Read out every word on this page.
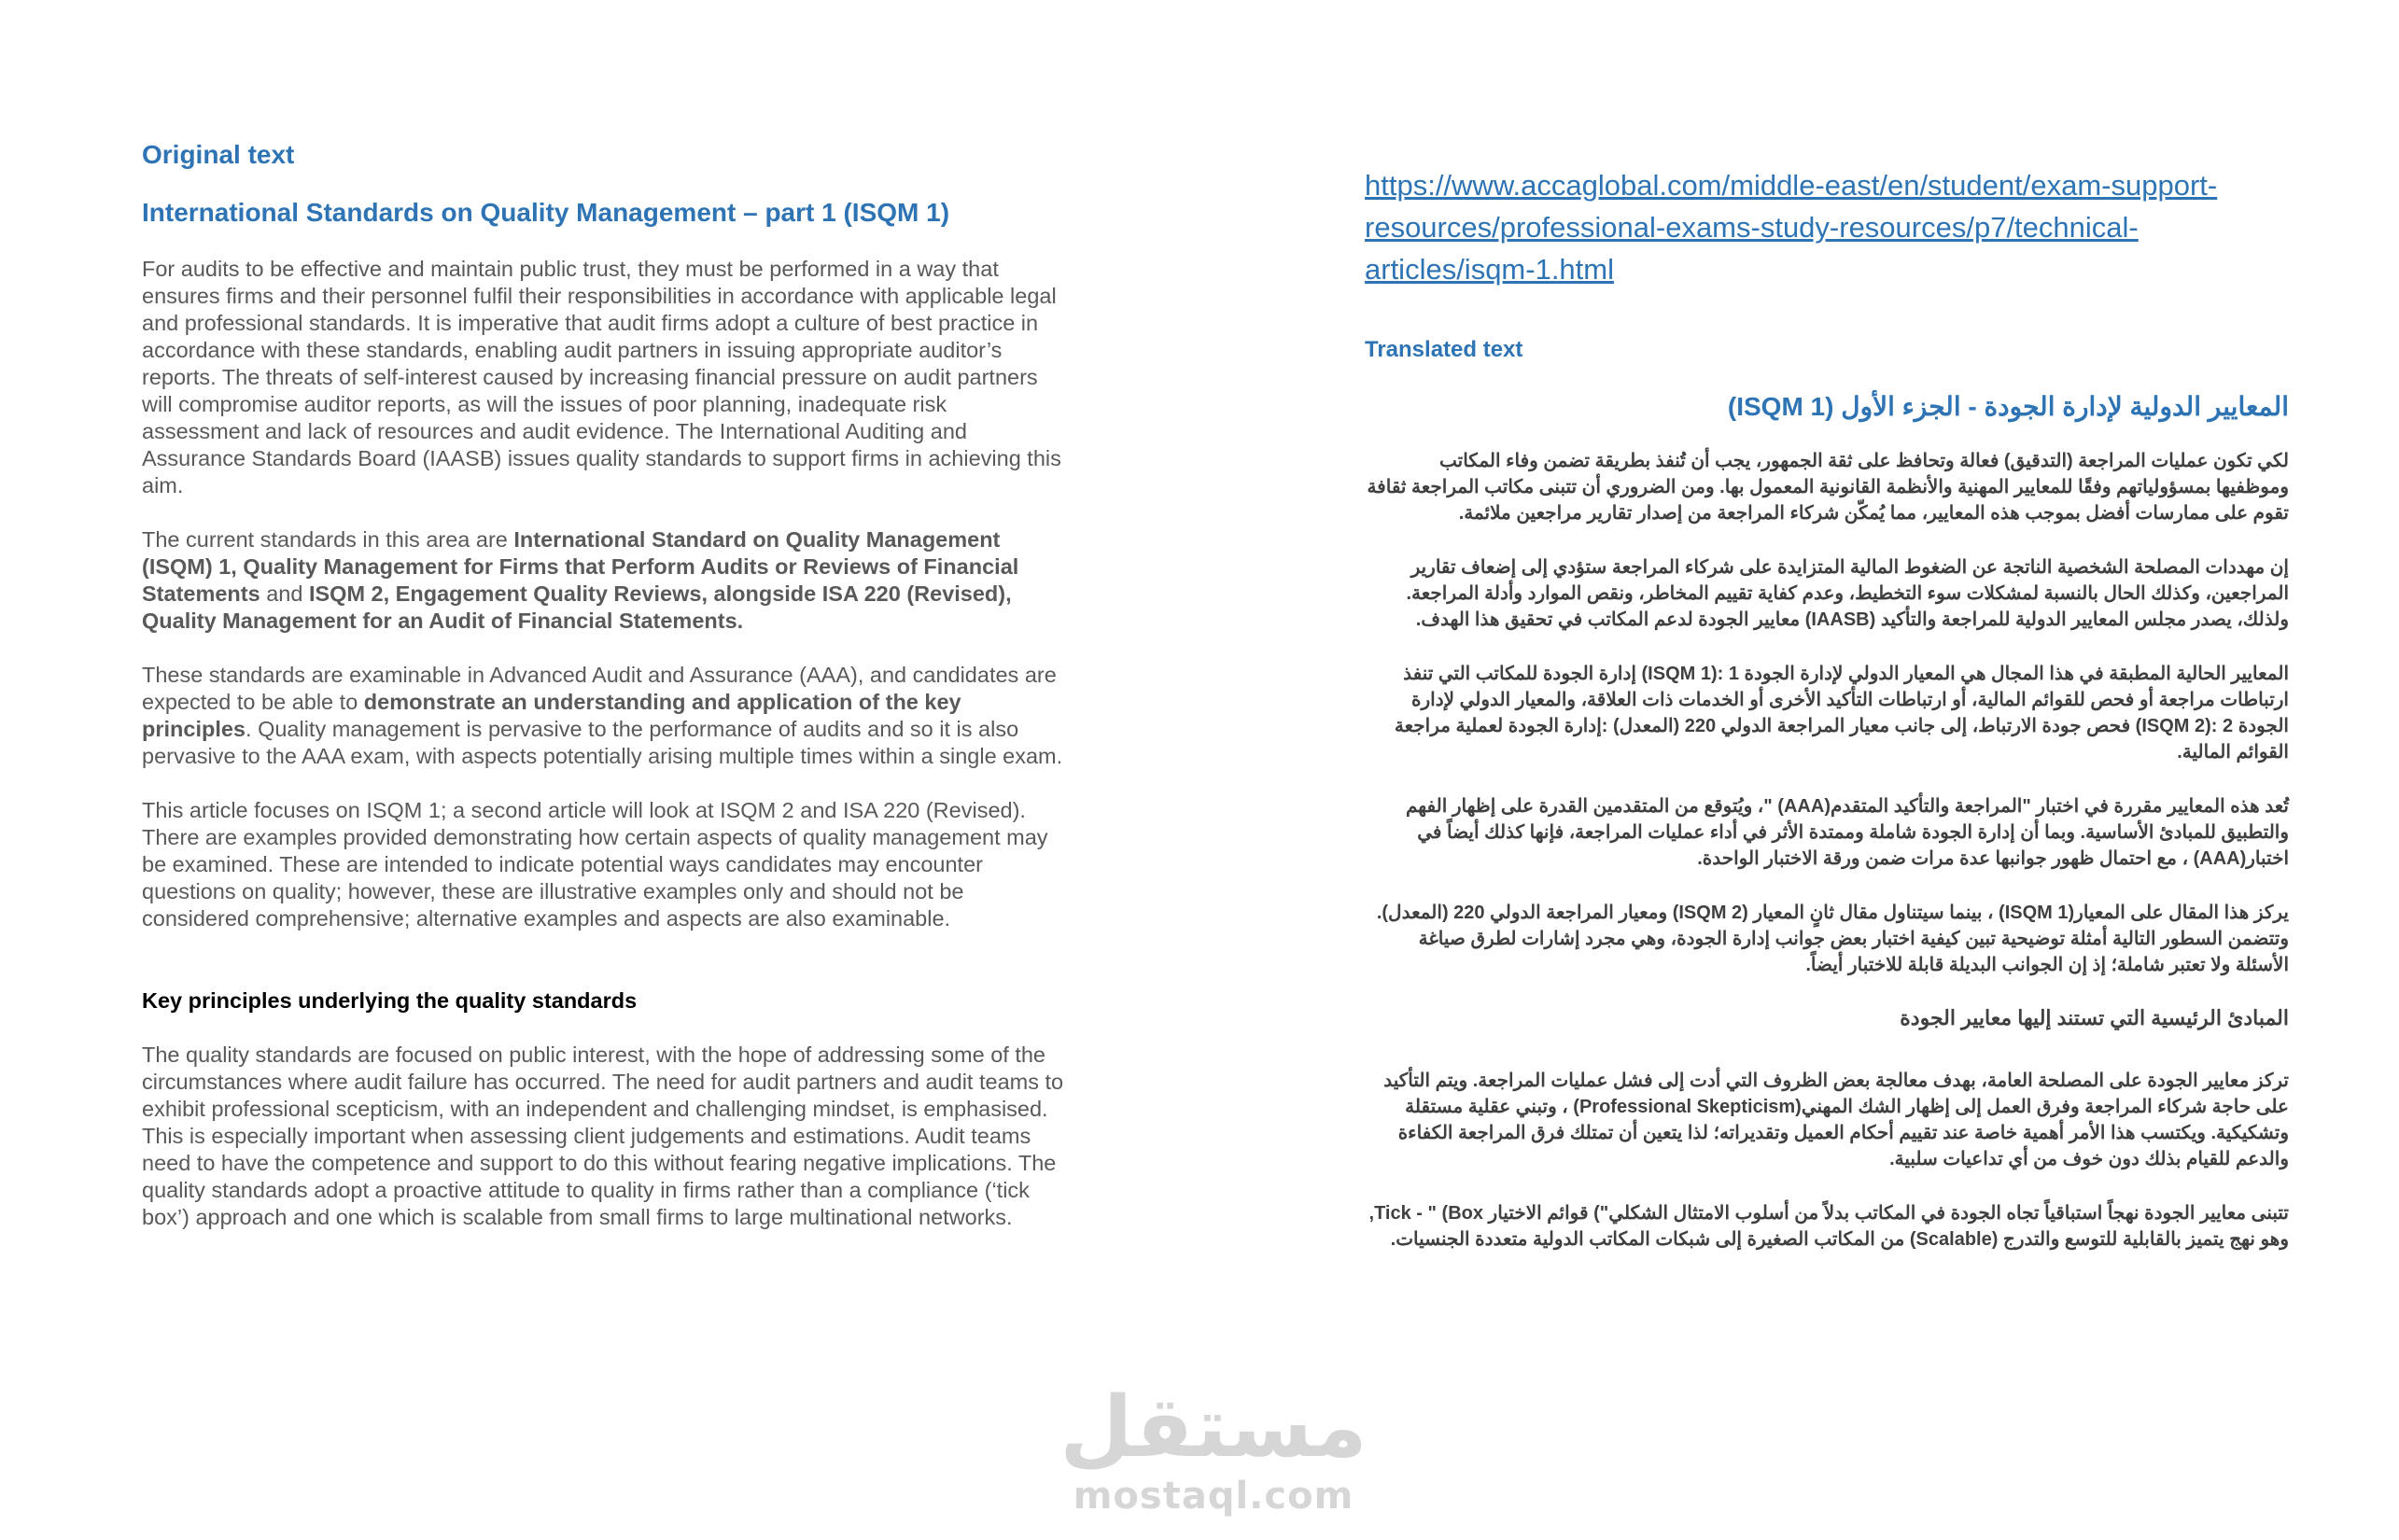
Original text

International Standards on Quality Management – part 1 (ISQM 1)

For audits to be effective and maintain public trust, they must be performed in a way that ensures firms and their personnel fulfil their responsibilities in accordance with applicable legal and professional standards. It is imperative that audit firms adopt a culture of best practice in accordance with these standards, enabling audit partners in issuing appropriate auditor’s reports. The threats of self-interest caused by increasing financial pressure on audit partners will compromise auditor reports, as will the issues of poor planning, inadequate risk assessment and lack of resources and audit evidence. The International Auditing and Assurance Standards Board (IAASB) issues quality standards to support firms in achieving this aim.

The current standards in this area are International Standard on Quality Management (ISQM) 1, Quality Management for Firms that Perform Audits or Reviews of Financial Statements and ISQM 2, Engagement Quality Reviews, alongside ISA 220 (Revised), Quality Management for an Audit of Financial Statements.

These standards are examinable in Advanced Audit and Assurance (AAA), and candidates are expected to be able to demonstrate an understanding and application of the key principles. Quality management is pervasive to the performance of audits and so it is also pervasive to the AAA exam, with aspects potentially arising multiple times within a single exam.

This article focuses on ISQM 1; a second article will look at ISQM 2 and ISA 220 (Revised). There are examples provided demonstrating how certain aspects of quality management may be examined. These are intended to indicate potential ways candidates may encounter questions on quality; however, these are illustrative examples only and should not be considered comprehensive; alternative examples and aspects are also examinable.

Key principles underlying the quality standards

The quality standards are focused on public interest, with the hope of addressing some of the circumstances where audit failure has occurred. The need for audit partners and audit teams to exhibit professional scepticism, with an independent and challenging mindset, is emphasised. This is especially important when assessing client judgements and estimations. Audit teams need to have the competence and support to do this without fearing negative implications. The quality standards adopt a proactive attitude to quality in firms rather than a compliance (‘tick box’) approach and one which is scalable from small firms to large multinational networks.

https://www.accaglobal.com/middle-east/en/student/exam-support-resources/professional-exams-study-resources/p7/technical-articles/isqm-1.html

Translated text

المعايير الدولية لإدارة الجودة - الجزء الأول (ISQM 1)

لكي تكون عمليات المراجعة (التدقيق) فعالة وتحافظ على ثقة الجمهور، يجب أن تُنفذ بطريقة تضمن وفاء المكاتب وموظفيها بمسؤولياتهم وفقًا للمعايير المهنية والأنظمة القانونية المعمول بها. ومن الضروري أن تتبنى مكاتب المراجعة ثقافة تقوم على ممارسات أفضل بموجب هذه المعايير، مما يُمكّن شركاء المراجعة من إصدار تقارير مراجعين ملائمة.

إن مهددات المصلحة الشخصية الناتجة عن الضغوط المالية المتزايدة على شركاء المراجعة ستؤدي إلى إضعاف تقارير المراجعين، وكذلك الحال بالنسبة لمشكلات سوء التخطيط، وعدم كفاية تقييم المخاطر، ونقص الموارد وأدلة المراجعة. ولذلك، يصدر مجلس المعايير الدولية للمراجعة والتأكيد (IAASB) معايير الجودة لدعم المكاتب في تحقيق هذا الهدف.

المعايير الحالية المطبقة في هذا المجال هي المعيار الدولي لإدارة الجودة 1 :(ISQM 1) إدارة الجودة للمكاتب التي تنفذ ارتباطات مراجعة أو فحص للقوائم المالية، أو ارتباطات التأكيد الأخرى أو الخدمات ذات العلاقة، والمعيار الدولي لإدارة الجودة 2 :(ISQM 2) فحص جودة الارتباط، إلى جانب معيار المراجعة الدولي 220 (المعدل) :إدارة الجودة لعملية مراجعة القوائم المالية.

تُعد هذه المعايير مقررة في اختبار "المراجعة والتأكيد المتقدم(AAA) "، ويُتوقع من المتقدمين القدرة على إظهار الفهم والتطبيق للمبادئ الأساسية. وبما أن إدارة الجودة شاملة وممتدة الأثر في أداء عمليات المراجعة، فإنها كذلك أيضاً في اختبار(AAA) ، مع احتمال ظهور جوانبها عدة مرات ضمن ورقة الاختبار الواحدة.

يركز هذا المقال على المعيار(ISQM 1) ، بينما سيتناول مقال ثانٍ المعيار (ISQM 2) ومعيار المراجعة الدولي 220 (المعدل). وتتضمن السطور التالية أمثلة توضيحية تبين كيفية اختبار بعض جوانب إدارة الجودة، وهي مجرد إشارات لطرق صياغة الأسئلة ولا تعتبر شاملة؛ إذ إن الجوانب البديلة قابلة للاختبار أيضاً.

المبادئ الرئيسية التي تستند إليها معايير الجودة

تركز معايير الجودة على المصلحة العامة، بهدف معالجة بعض الظروف التي أدت إلى فشل عمليات المراجعة. ويتم التأكيد على حاجة شركاء المراجعة وفرق العمل إلى إظهار الشك المهني(Professional Skepticism) ، وتبني عقلية مستقلة وتشكيكية. ويكتسب هذا الأمر أهمية خاصة عند تقييم أحكام العميل وتقديراته؛ لذا يتعين أن تمتلك فرق المراجعة الكفاءة والدعم للقيام بذلك دون خوف من أي تداعيات سلبية.

تتبنى معايير الجودة نهجاً استباقياً تجاه الجودة في المكاتب بدلاً من أسلوب الامتثال الشكلي") قوائم الاختيار Tick - " (Box, وهو نهج يتميز بالقابلية للتوسع والتدرج (Scalable) من المكاتب الصغيرة إلى شبكات المكاتب الدولية متعددة الجنسيات.

مستقل
mostaql.com
